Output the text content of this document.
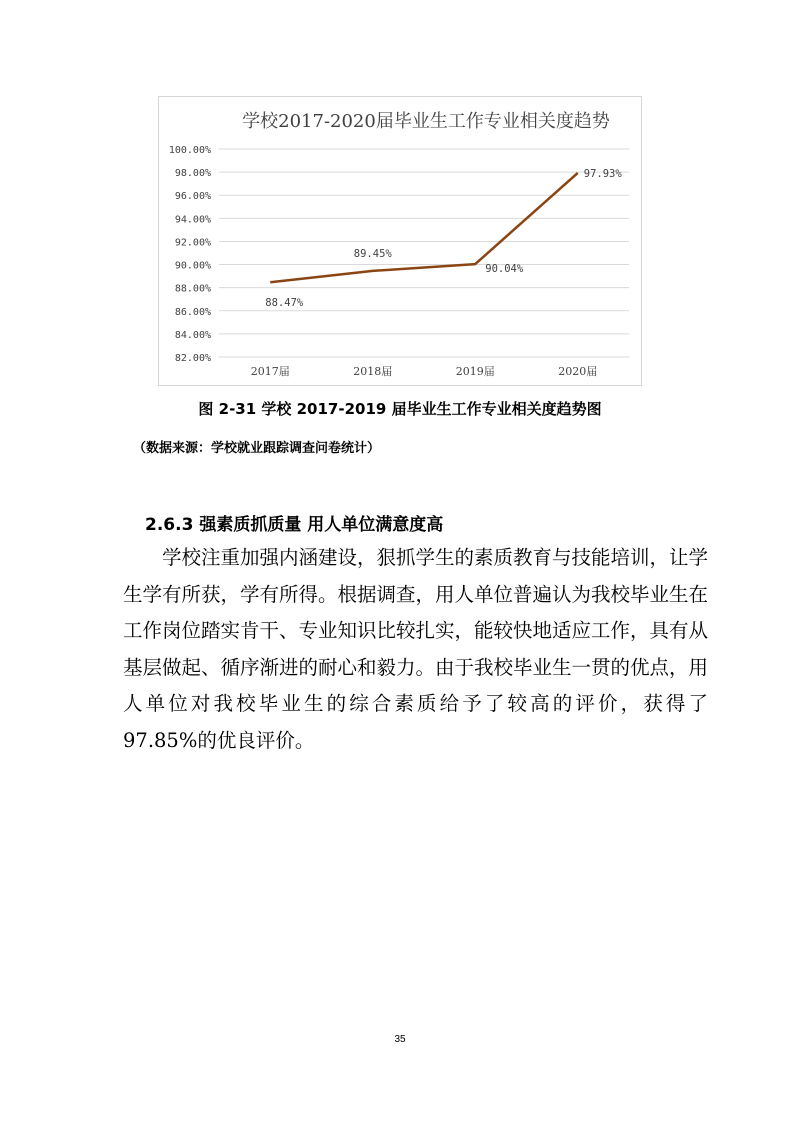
学校2017-2020届毕业生工作专业相关度趋势
82.00%
84.00%
86.00%
88.00%
90.00%
92.00%
94.00%
96.00%
98.00%
100.00%
2017届	2018届	2019届	2020届
88.47%
89.45%
90.04%
97.93%
图 2-31 学校 2017-2019 届毕业生工作专业相关度趋势图
（数据来源：学校就业跟踪调查问卷统计）
2.6.3 强素质抓质量 用人单位满意度高

学校注重加强内涵建设，狠抓学生的素质教育与技能培训，让学生学有所获，学有所得。根据调查，用人单位普遍认为我校毕业生在工作岗位踏实肯干、专业知识比较扎实，能较快地适应工作，具有从基层做起、循序渐进的耐心和毅力。由于我校毕业生一贯的优点，用人单位对我校毕业生的综合素质给予了较高的评价，获得了 97.85%的优良评价。

35
